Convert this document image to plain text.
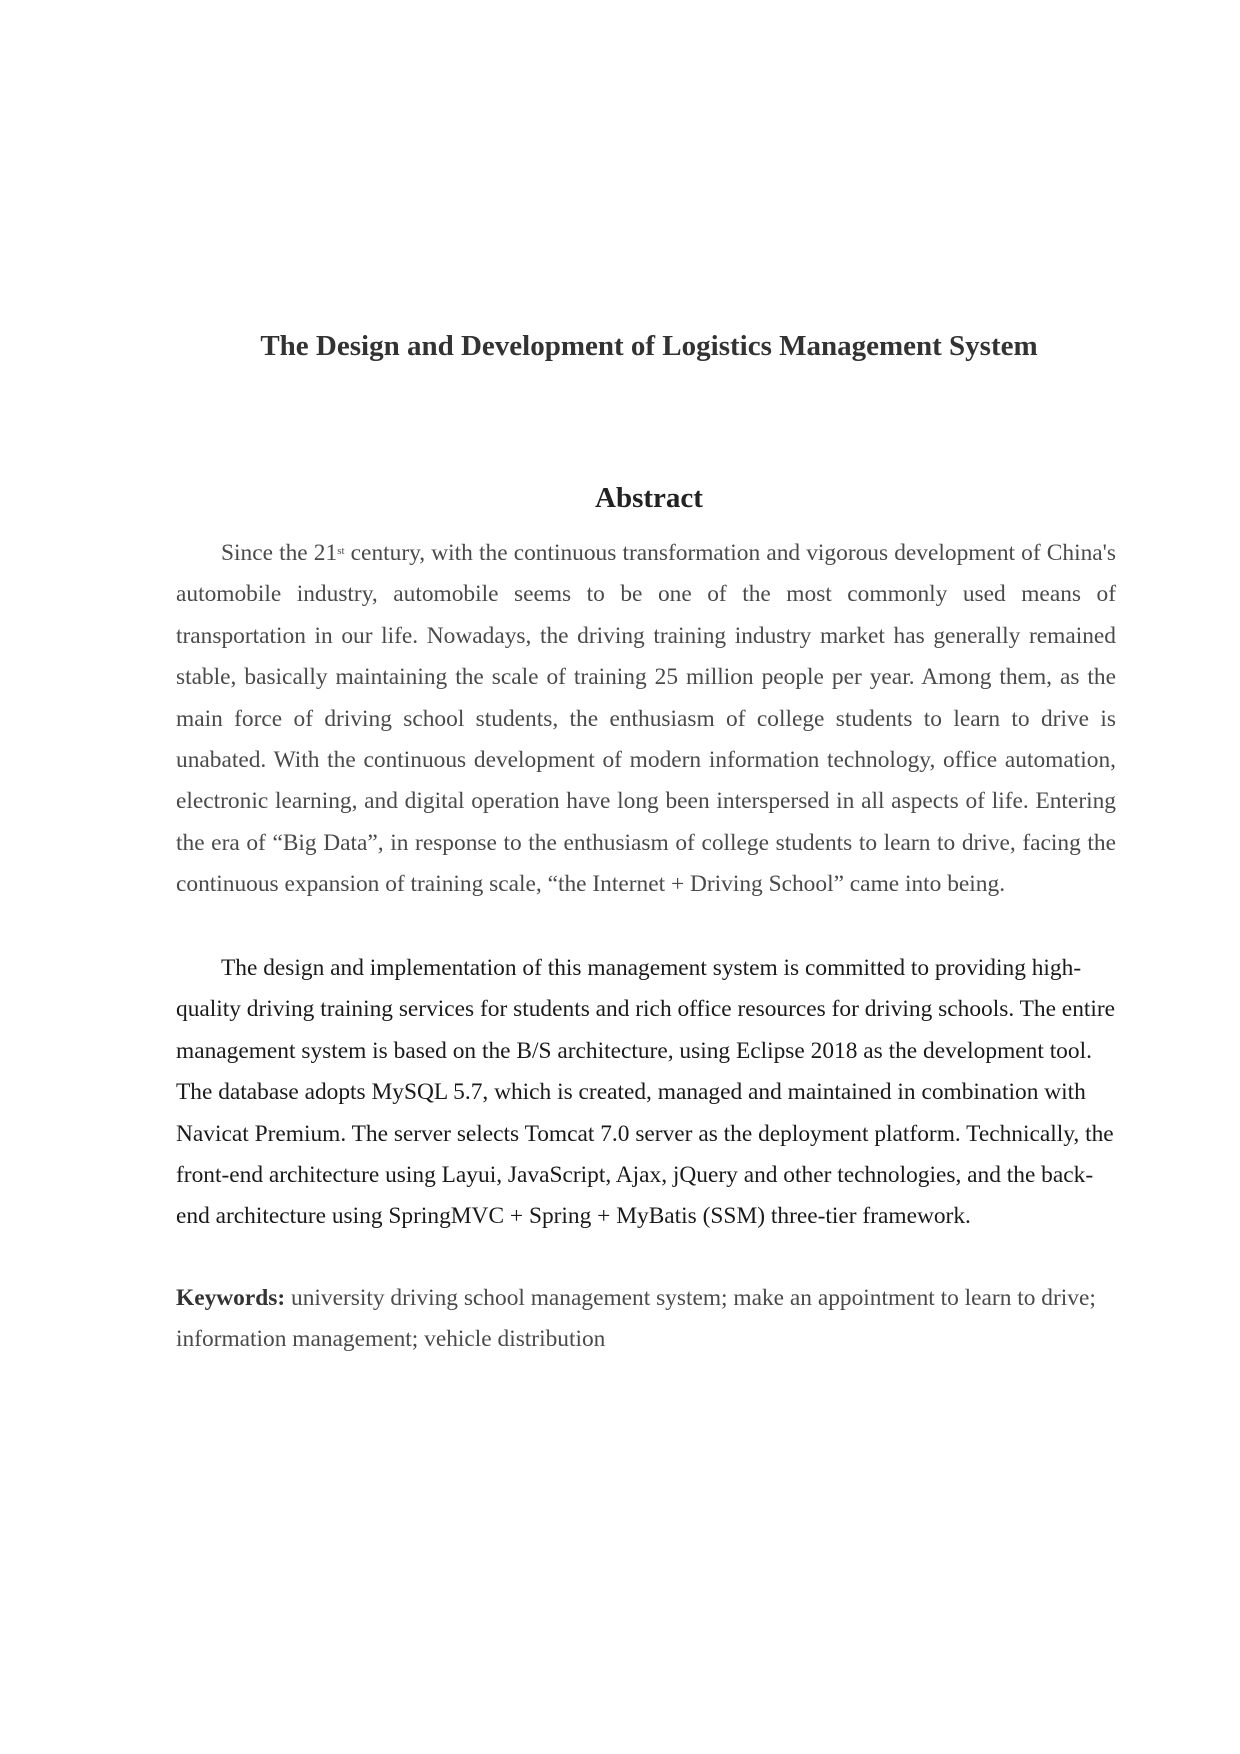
The Design and Development of Logistics Management System
Abstract

Since the 21st century, with the continuous transformation and vigorous development of China's automobile industry, automobile seems to be one of the most commonly used means of transportation in our life. Nowadays, the driving training industry market has generally remained stable, basically maintaining the scale of training 25 million people per year. Among them, as the main force of driving school students, the enthusiasm of college students to learn to drive is unabated. With the continuous development of modern information technology, office automation, electronic learning, and digital operation have long been interspersed in all aspects of life. Entering the era of “Big Data”, in response to the enthusiasm of college students to learn to drive, facing the continuous expansion of training scale, “the Internet + Driving School” came into being.

The design and implementation of this management system is committed to providing high-quality driving training services for students and rich office resources for driving schools. The entire management system is based on the B/S architecture, using Eclipse 2018 as the development tool. The database adopts MySQL 5.7, which is created, managed and maintained in combination with Navicat Premium. The server selects Tomcat 7.0 server as the deployment platform. Technically, the front-end architecture using Layui, JavaScript, Ajax, jQuery and other technologies, and the back-end architecture using SpringMVC + Spring + MyBatis (SSM) three-tier framework.

Keywords: university driving school management system; make an appointment to learn to drive; information management; vehicle distribution
